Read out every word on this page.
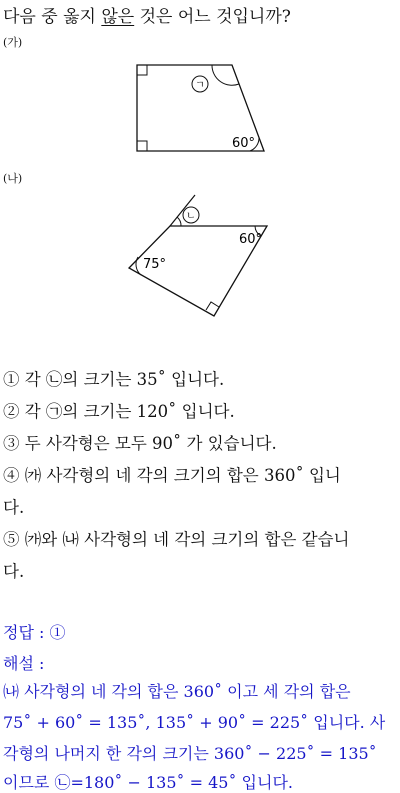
다음 중 옳지 않은 것은 어느 것입니까?
(가)
ㄱ
60°
(나)
ㄴ
60°
75°
① 각 ㉡의 크기는 35˚ 입니다.
② 각 ㉠의 크기는 120˚ 입니다.
③ 두 사각형은 모두 90˚ 가 있습니다.
④ ㈎ 사각형의 네 각의 크기의 합은 360˚ 입니
다.
⑤ ㈎와 ㈏ 사각형의 네 각의 크기의 합은 같습니
다.
정답 : ①
해설 :
㈏ 사각형의 네 각의 합은 360˚ 이고 세 각의 합은
75˚ + 60˚ = 135˚, 135˚ + 90˚ = 225˚ 입니다. 사
각형의 나머지 한 각의 크기는 360˚ − 225˚ = 135˚
이므로 ㉡=180˚ − 135˚ = 45˚ 입니다.
